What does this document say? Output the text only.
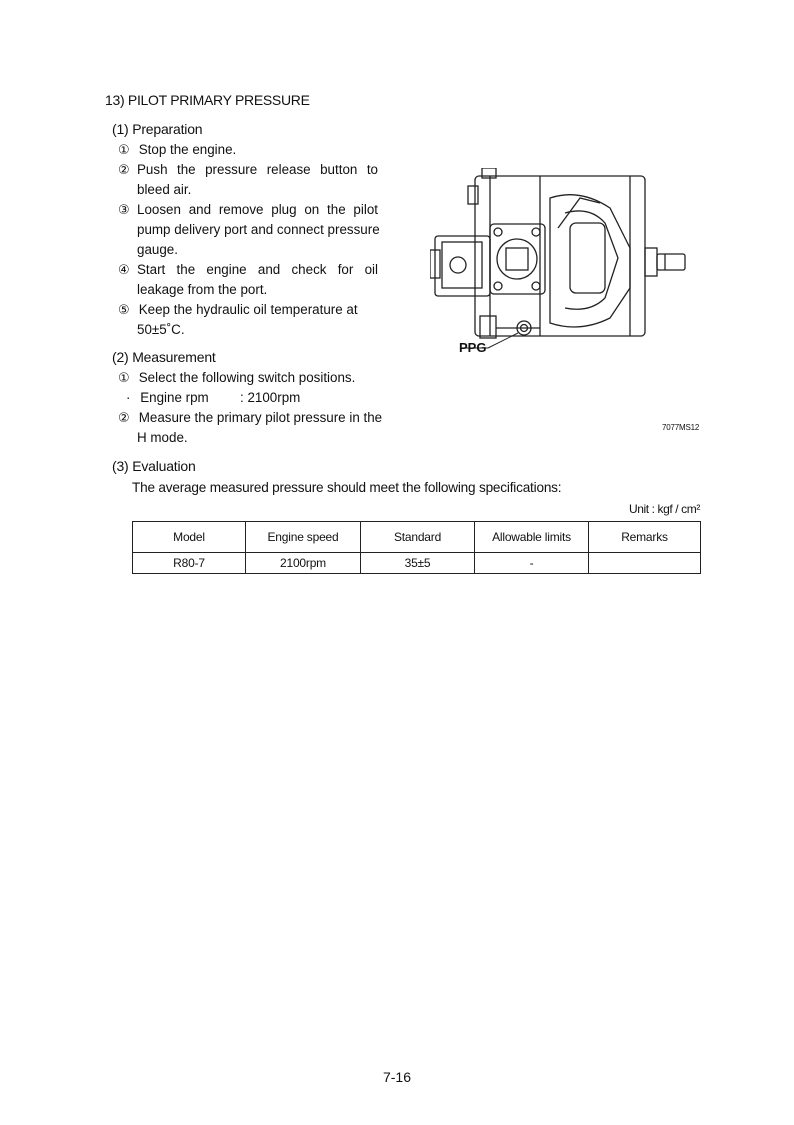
13) PILOT PRIMARY PRESSURE
(1) Preparation
① Stop the engine.
② Push the pressure release button to
bleed air.
③ Loosen and remove plug on the pilot
pump delivery port and connect pressure
gauge.
④ Start the engine and check for oil
leakage from the port.
⑤ Keep the hydraulic oil temperature at
50±5˚C.
(2) Measurement
① Select the following switch positions.
· Engine rpm : 2100rpm
② Measure the primary pilot pressure in the
H mode.
PPG
7077MS12
(3) Evaluation
The average measured pressure should meet the following specifications:
Unit : kgf / cm²
Model	Engine speed	Standard	Allowable limits	Remarks
R80-7	2100rpm	35±5	-	
7-16
